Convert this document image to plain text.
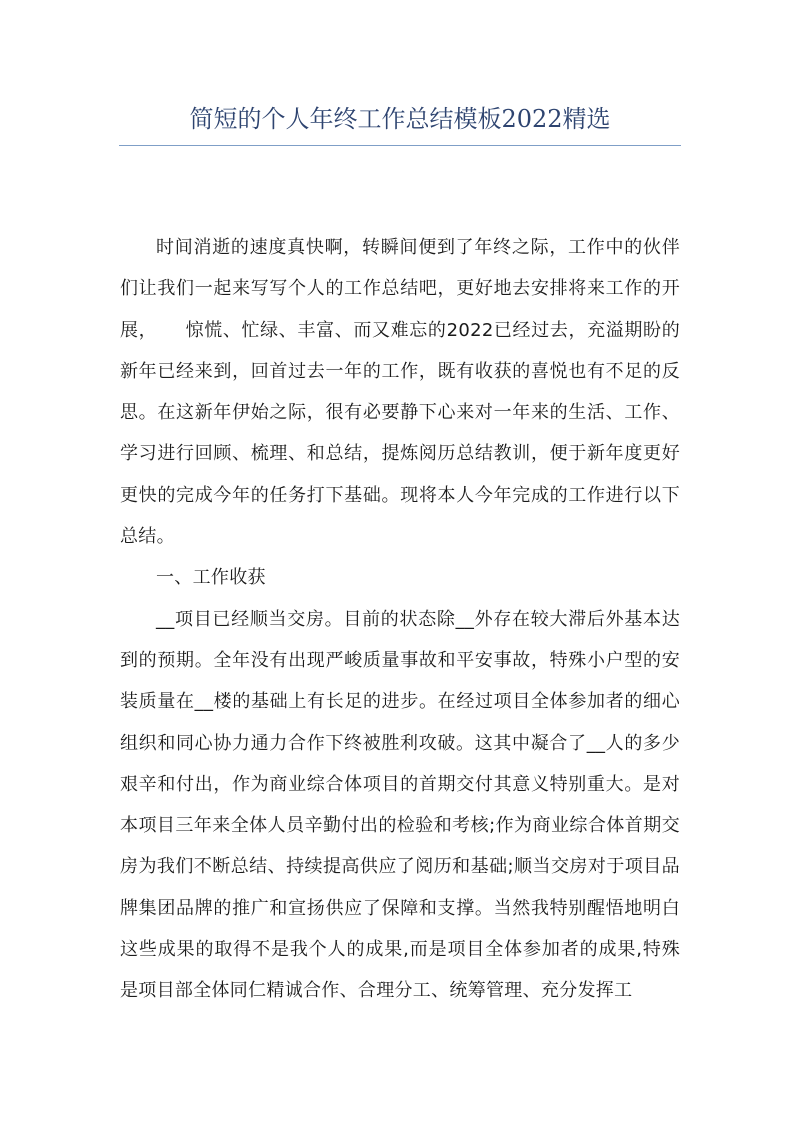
简短的个人年终工作总结模板2022精选

时间消逝的速度真快啊，转瞬间便到了年终之际，工作中的伙伴们让我们一起来写写个人的工作总结吧，更好地去安排将来工作的开展，　　惊慌、忙绿、丰富、而又难忘的2022已经过去，充溢期盼的新年已经来到，回首过去一年的工作，既有收获的喜悦也有不足的反思。在这新年伊始之际，很有必要静下心来对一年来的生活、工作、学习进行回顾、梳理、和总结，提炼阅历总结教训，便于新年度更好更快的完成今年的任务打下基础。现将本人今年完成的工作进行以下总结。

一、工作收获

__项目已经顺当交房。目前的状态除__外存在较大滞后外基本达到的预期。全年没有出现严峻质量事故和平安事故，特殊小户型的安装质量在__楼的基础上有长足的进步。在经过项目全体参加者的细心组织和同心协力通力合作下终被胜利攻破。这其中凝合了__人的多少艰辛和付出，作为商业综合体项目的首期交付其意义特别重大。是对本项目三年来全体人员辛勤付出的检验和考核;作为商业综合体首期交房为我们不断总结、持续提高供应了阅历和基础;顺当交房对于项目品牌集团品牌的推广和宣扬供应了保障和支撑。当然我特别醒悟地明白这些成果的取得不是我个人的成果,而是项目全体参加者的成果,特殊是项目部全体同仁精诚合作、合理分工、统筹管理、充分发挥工
